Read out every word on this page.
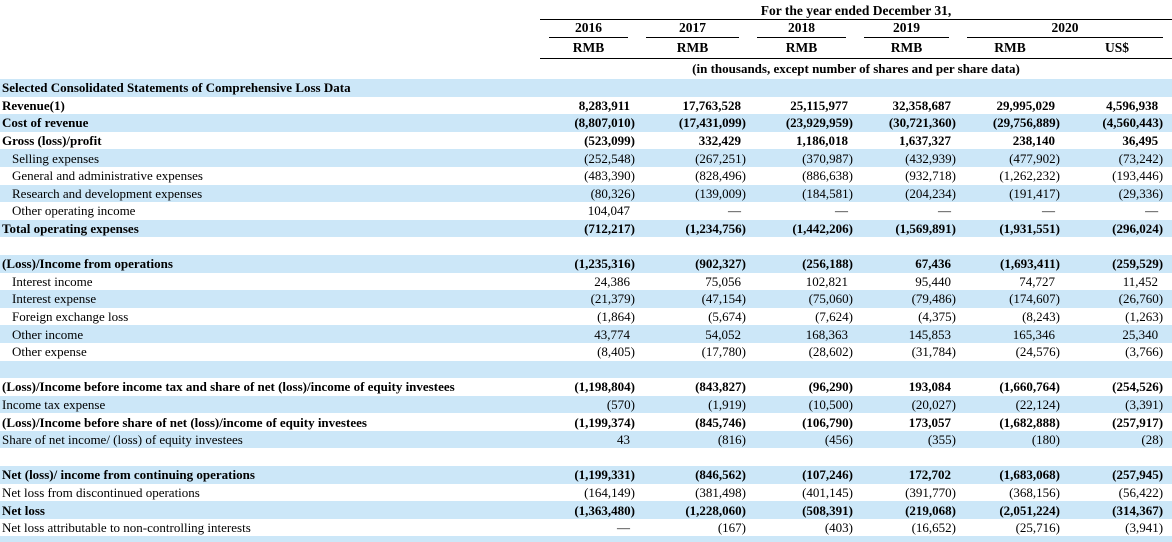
	For the year ended December 31,					

	2016	2017	2018	2019	2020	

	RMB	RMB	RMB	RMB	RMB	US$
	(in thousands, except number of shares and per share data)					
Selected Consolidated Statements of Comprehensive Loss Data						
Revenue(1)	8,283,911	17,763,528	25,115,977	32,358,687	29,995,029	4,596,938
Cost of revenue	(8,807,010)	(17,431,099)	(23,929,959)	(30,721,360)	(29,756,889)	(4,560,443)
Gross (loss)/profit	(523,099)	332,429	1,186,018	1,637,327	238,140	36,495
Selling expenses	(252,548)	(267,251)	(370,987)	(432,939)	(477,902)	(73,242)
General and administrative expenses	(483,390)	(828,496)	(886,638)	(932,718)	(1,262,232)	(193,446)
Research and development expenses	(80,326)	(139,009)	(184,581)	(204,234)	(191,417)	(29,336)
Other operating income	104,047	—	—	—	—	—
Total operating expenses	(712,217)	(1,234,756)	(1,442,206)	(1,569,891)	(1,931,551)	(296,024)

(Loss)/Income from operations	(1,235,316)	(902,327)	(256,188)	67,436	(1,693,411)	(259,529)
Interest income	24,386	75,056	102,821	95,440	74,727	11,452
Interest expense	(21,379)	(47,154)	(75,060)	(79,486)	(174,607)	(26,760)
Foreign exchange loss	(1,864)	(5,674)	(7,624)	(4,375)	(8,243)	(1,263)
Other income	43,774	54,052	168,363	145,853	165,346	25,340
Other expense	(8,405)	(17,780)	(28,602)	(31,784)	(24,576)	(3,766)

(Loss)/Income before income tax and share of net (loss)/income of equity investees	(1,198,804)	(843,827)	(96,290)	193,084	(1,660,764)	(254,526)
Income tax expense	(570)	(1,919)	(10,500)	(20,027)	(22,124)	(3,391)
(Loss)/Income before share of net (loss)/income of equity investees	(1,199,374)	(845,746)	(106,790)	173,057	(1,682,888)	(257,917)
Share of net income/ (loss) of equity investees	43	(816)	(456)	(355)	(180)	(28)

Net (loss)/ income from continuing operations	(1,199,331)	(846,562)	(107,246)	172,702	(1,683,068)	(257,945)
Net loss from discontinued operations	(164,149)	(381,498)	(401,145)	(391,770)	(368,156)	(56,422)
Net loss	(1,363,480)	(1,228,060)	(508,391)	(219,068)	(2,051,224)	(314,367)
Net loss attributable to non-controlling interests	—	(167)	(403)	(16,652)	(25,716)	(3,941)
